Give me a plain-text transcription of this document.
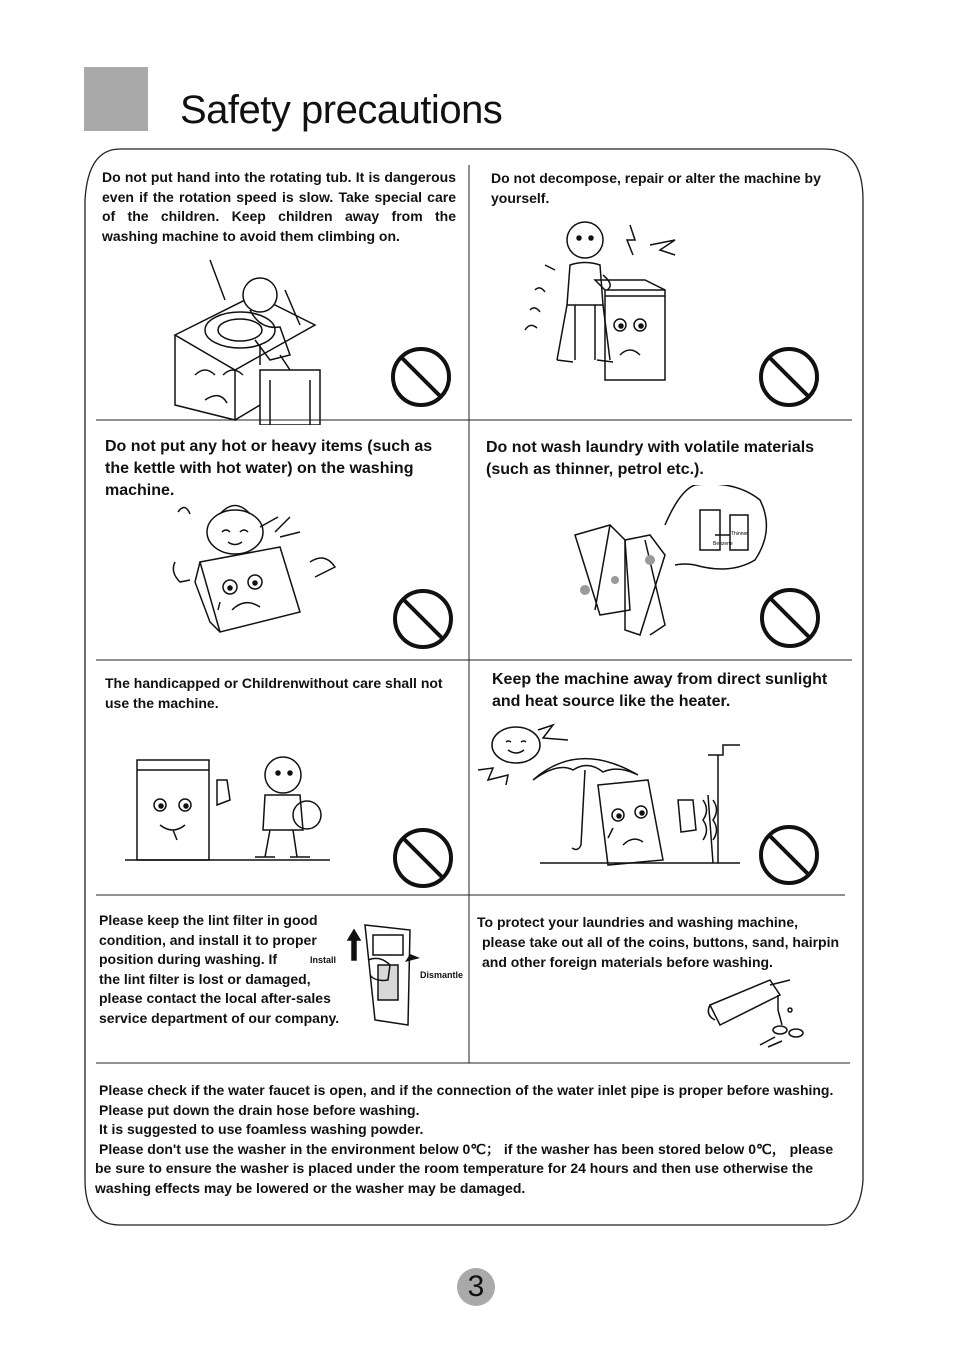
Safety precautions

Do not put hand into the rotating tub. It is dangerous even if the rotation speed is slow. Take special care of the children. Keep children away from the washing machine to avoid them climbing on.

Do not decompose, repair or alter the machine by yourself.

Do not put any hot or heavy items (such as the kettle with hot water) on the washing machine.

Do not wash laundry with volatile materials (such as thinner, petrol etc.).

The handicapped or Childrenwithout care shall not use the machine.

Keep the machine away from direct sunlight and heat source like the heater.

Please keep the lint filter in good
condition, and install it to proper
position during washing. If
the lint filter is lost or damaged,
please contact the local after-sales
service department of our company.
Install
Dismantle
To protect your laundries and washing machine,
please take out all of the coins, buttons, sand, hairpin
and other foreign materials before washing.
Please check if the water faucet is open, and if the connection of the water inlet pipe is proper before washing.
Please put down the drain hose before washing.
It is suggested to use foamless washing powder.
Please don't use the washer in the environment below 0℃； if the washer has been stored below 0℃， please
be sure to ensure the washer is placed under the room temperature for 24 hours and then use otherwise the
washing effects may be lowered or the washer may be damaged.
Thinner
Benzene
3
